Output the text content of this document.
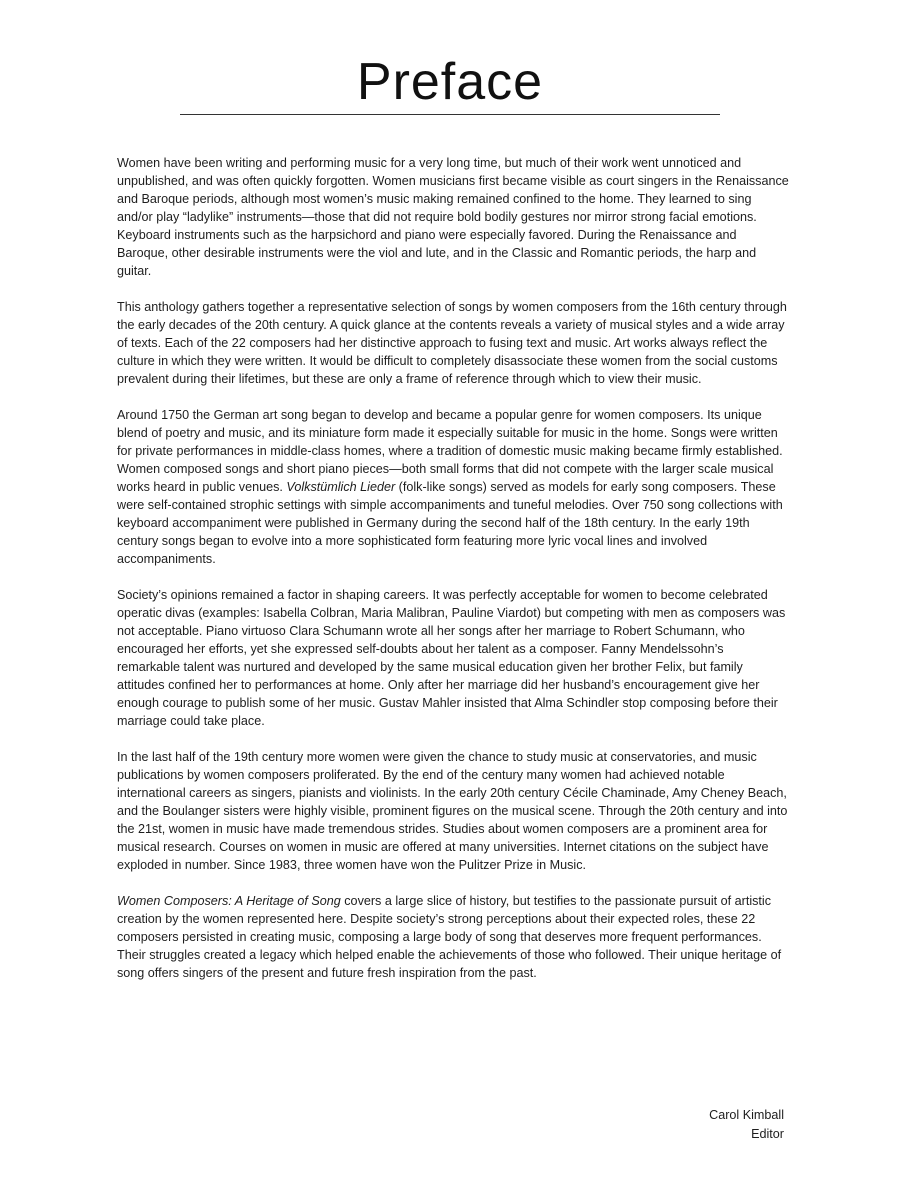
Preface

Women have been writing and performing music for a very long time, but much of their work went unnoticed and unpublished, and was often quickly forgotten. Women musicians first became visible as court singers in the Renaissance and Baroque periods, although most women’s music making remained confined to the home. They learned to sing and/or play “ladylike” instruments—those that did not require bold bodily gestures nor mirror strong facial emotions. Keyboard instruments such as the harpsichord and piano were especially favored. During the Renaissance and Baroque, other desirable instruments were the viol and lute, and in the Classic and Romantic periods, the harp and guitar.

This anthology gathers together a representative selection of songs by women composers from the 16th century through the early decades of the 20th century. A quick glance at the contents reveals a variety of musical styles and a wide array of texts. Each of the 22 composers had her distinctive approach to fusing text and music. Art works always reflect the culture in which they were written. It would be difficult to completely disassociate these women from the social customs prevalent during their lifetimes, but these are only a frame of reference through which to view their music.

Around 1750 the German art song began to develop and became a popular genre for women composers. Its unique blend of poetry and music, and its miniature form made it especially suitable for music in the home. Songs were written for private performances in middle-class homes, where a tradition of domestic music making became firmly established. Women composed songs and short piano pieces—both small forms that did not compete with the larger scale musical works heard in public venues. Volkstümlich Lieder (folk-like songs) served as models for early song composers. These were self-contained strophic settings with simple accompaniments and tuneful melodies. Over 750 song collections with keyboard accompaniment were published in Germany during the second half of the 18th century. In the early 19th century songs began to evolve into a more sophisticated form featuring more lyric vocal lines and involved accompaniments.

Society’s opinions remained a factor in shaping careers. It was perfectly acceptable for women to become celebrated operatic divas (examples: Isabella Colbran, Maria Malibran, Pauline Viardot) but competing with men as composers was not acceptable. Piano virtuoso Clara Schumann wrote all her songs after her marriage to Robert Schumann, who encouraged her efforts, yet she expressed self-doubts about her talent as a composer. Fanny Mendelssohn’s remarkable talent was nurtured and developed by the same musical education given her brother Felix, but family attitudes confined her to performances at home. Only after her marriage did her husband’s encouragement give her enough courage to publish some of her music. Gustav Mahler insisted that Alma Schindler stop composing before their marriage could take place.

In the last half of the 19th century more women were given the chance to study music at conservatories, and music publications by women composers proliferated. By the end of the century many women had achieved notable international careers as singers, pianists and violinists. In the early 20th century Cécile Chaminade, Amy Cheney Beach, and the Boulanger sisters were highly visible, prominent figures on the musical scene. Through the 20th century and into the 21st, women in music have made tremendous strides. Studies about women composers are a prominent area for musical research. Courses on women in music are offered at many universities. Internet citations on the subject have exploded in number. Since 1983, three women have won the Pulitzer Prize in Music.

Women Composers: A Heritage of Song covers a large slice of history, but testifies to the passionate pursuit of artistic creation by the women represented here. Despite society’s strong perceptions about their expected roles, these 22 composers persisted in creating music, composing a large body of song that deserves more frequent performances. Their struggles created a legacy which helped enable the achievements of those who followed. Their unique heritage of song offers singers of the present and future fresh inspiration from the past.

Carol Kimball
Editor
